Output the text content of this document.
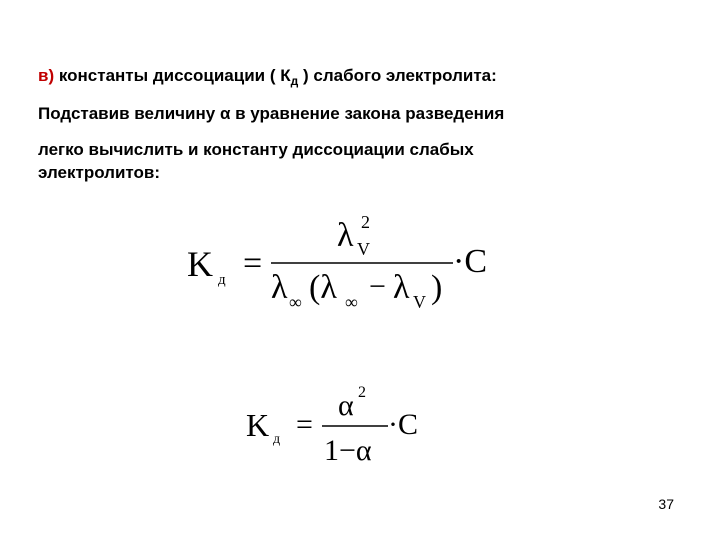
в) константы диссоциации ( $К_д$ ) слабого электролита:
Подставив величину α в уравнение закона разведения
легко вычислить и константу диссоциации слабых
электролитов:
K д =
λ V
2
λ ∞ (λ ∞ − λ V )
·C
K д =
α 2
1−α
·C
37
